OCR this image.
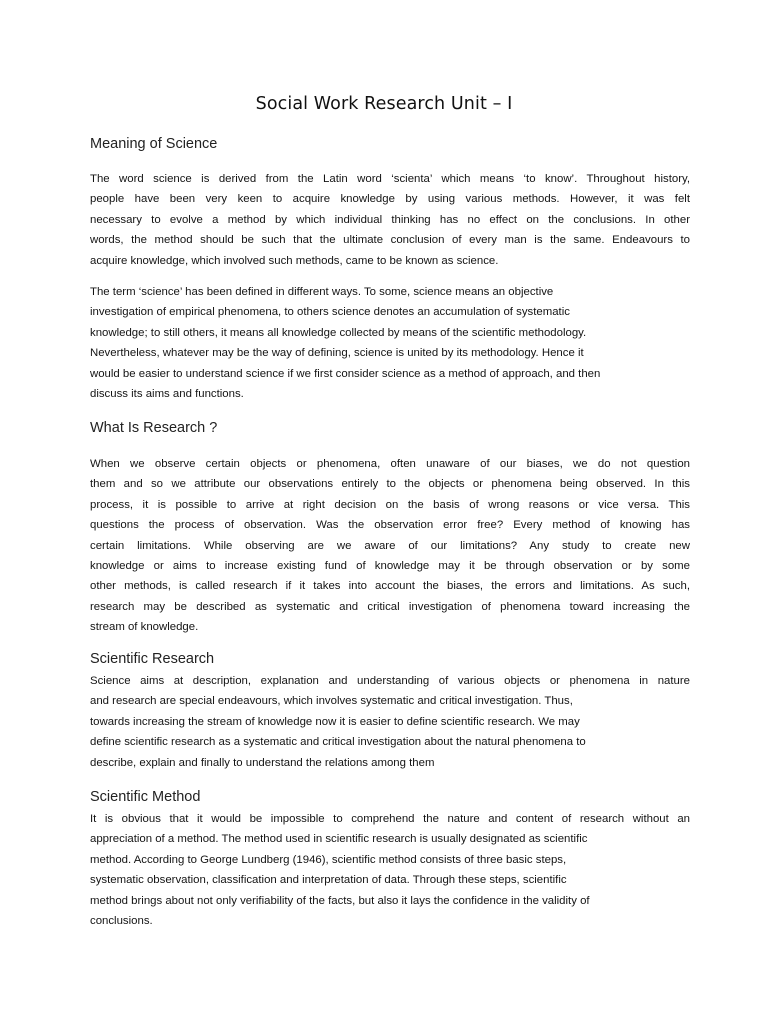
Social Work Research Unit – I
Meaning of Science
The word science is derived from the Latin word ‘scienta’ which means ‘to know’. Throughout history,
people have been very keen to acquire knowledge by using various methods. However, it was felt
necessary to evolve a method by which individual thinking has no effect on the conclusions. In other
words, the method should be such that the ultimate conclusion of every man is the same. Endeavours to
acquire knowledge, which involved such methods, came to be known as science.
The term ‘science’ has been defined in different ways. To some, science means an objective
investigation of empirical phenomena, to others science denotes an accumulation of systematic
knowledge; to still others, it means all knowledge collected by means of the scientific methodology.
Nevertheless, whatever may be the way of defining, science is united by its methodology. Hence it
would be easier to understand science if we first consider science as a method of approach, and then
discuss its aims and functions.
What Is Research ?
When we observe certain objects or phenomena, often unaware of our biases, we do not question
them and so we attribute our observations entirely to the objects or phenomena being observed. In this
process, it is possible to arrive at right decision on the basis of wrong reasons or vice versa. This
questions the process of observation. Was the observation error free? Every method of knowing has
certain limitations. While observing are we aware of our limitations? Any study to create new
knowledge or aims to increase existing fund of knowledge may it be through observation or by some
other methods, is called research if it takes into account the biases, the errors and limitations. As such,
research may be described as systematic and critical investigation of phenomena toward increasing the
stream of knowledge.
Scientific Research
Science aims at description, explanation and understanding of various objects or phenomena in nature
and research are special endeavours, which involves systematic and critical investigation. Thus,
towards increasing the stream of knowledge now it is easier to define scientific research. We may
define scientific research as a systematic and critical investigation about the natural phenomena to
describe, explain and finally to understand the relations among them
Scientific Method
It is obvious that it would be impossible to comprehend the nature and content of research without an
appreciation of a method. The method used in scientific research is usually designated as scientific
method. According to George Lundberg (1946), scientific method consists of three basic steps,
systematic observation, classification and interpretation of data. Through these steps, scientific
method brings about not only verifiability of the facts, but also it lays the confidence in the validity of
conclusions.
